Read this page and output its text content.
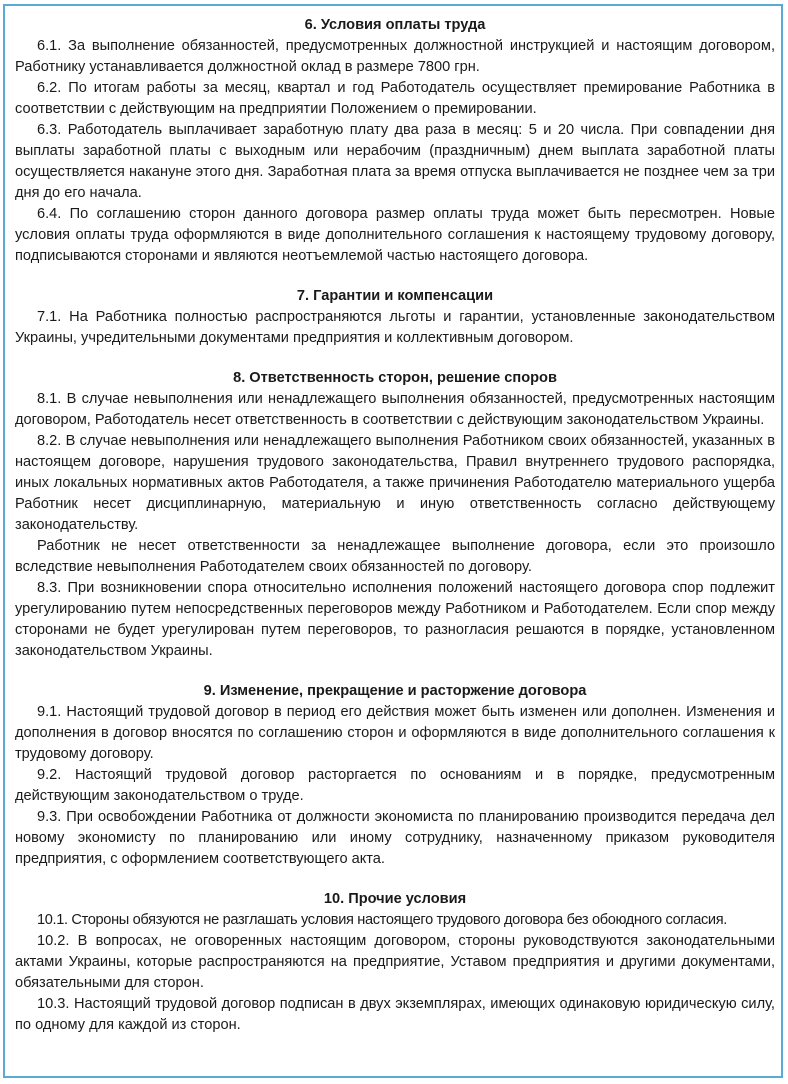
6. Условия оплаты труда

6.1. За выполнение обязанностей, предусмотренных должностной инструкцией и настоящим договором, Работнику устанавливается должностной оклад в размере 7800 грн.

6.2. По итогам работы за месяц, квартал и год Работодатель осуществляет премирование Работника в соответствии с действующим на предприятии Положением о премировании.

6.3. Работодатель выплачивает заработную плату два раза в месяц: 5 и 20 числа. При совпадении дня выплаты заработной платы с выходным или нерабочим (праздничным) днем выплата заработной платы осуществляется накануне этого дня. Заработная плата за время отпуска выплачивается не позднее чем за три дня до его начала.

6.4. По соглашению сторон данного договора размер оплаты труда может быть пересмотрен. Новые условия оплаты труда оформляются в виде дополнительного соглашения к настоящему трудовому договору, подписываются сторонами и являются неотъемлемой частью настоящего договора.

7. Гарантии и компенсации

7.1. На Работника полностью распространяются льготы и гарантии, установленные законодательством Украины, учредительными документами предприятия и коллективным договором.

8. Ответственность сторон, решение споров

8.1. В случае невыполнения или ненадлежащего выполнения обязанностей, предусмотренных настоящим договором, Работодатель несет ответственность в соответствии с действующим законодательством Украины.

8.2. В случае невыполнения или ненадлежащего выполнения Работником своих обязанностей, указанных в настоящем договоре, нарушения трудового законодательства, Правил внутреннего трудового распорядка, иных локальных нормативных актов Работодателя, а также причинения Работодателю материального ущерба Работник несет дисциплинарную, материальную и иную ответственность согласно действующему законодательству.

Работник не несет ответственности за ненадлежащее выполнение договора, если это произошло вследствие невыполнения Работодателем своих обязанностей по договору.

8.3. При возникновении спора относительно исполнения положений настоящего договора спор подлежит урегулированию путем непосредственных переговоров между Работником и Работодателем. Если спор между сторонами не будет урегулирован путем переговоров, то разногласия решаются в порядке, установленном законодательством Украины.

9. Изменение, прекращение и расторжение договора

9.1. Настоящий трудовой договор в период его действия может быть изменен или дополнен. Изменения и дополнения в договор вносятся по соглашению сторон и оформляются в виде дополнительного соглашения к трудовому договору.

9.2. Настоящий трудовой договор расторгается по основаниям и в порядке, предусмотренным действующим законодательством о труде.

9.3. При освобождении Работника от должности экономиста по планированию производится передача дел новому экономисту по планированию или иному сотруднику, назначенному приказом руководителя предприятия, с оформлением соответствующего акта.

10. Прочие условия

10.1. Стороны обязуются не разглашать условия настоящего трудового договора без обоюдного согласия.

10.2. В вопросах, не оговоренных настоящим договором, стороны руководствуются законодательными актами Украины, которые распространяются на предприятие, Уставом предприятия и другими документами, обязательными для сторон.

10.3. Настоящий трудовой договор подписан в двух экземплярах, имеющих одинаковую юридическую силу, по одному для каждой из сторон.
